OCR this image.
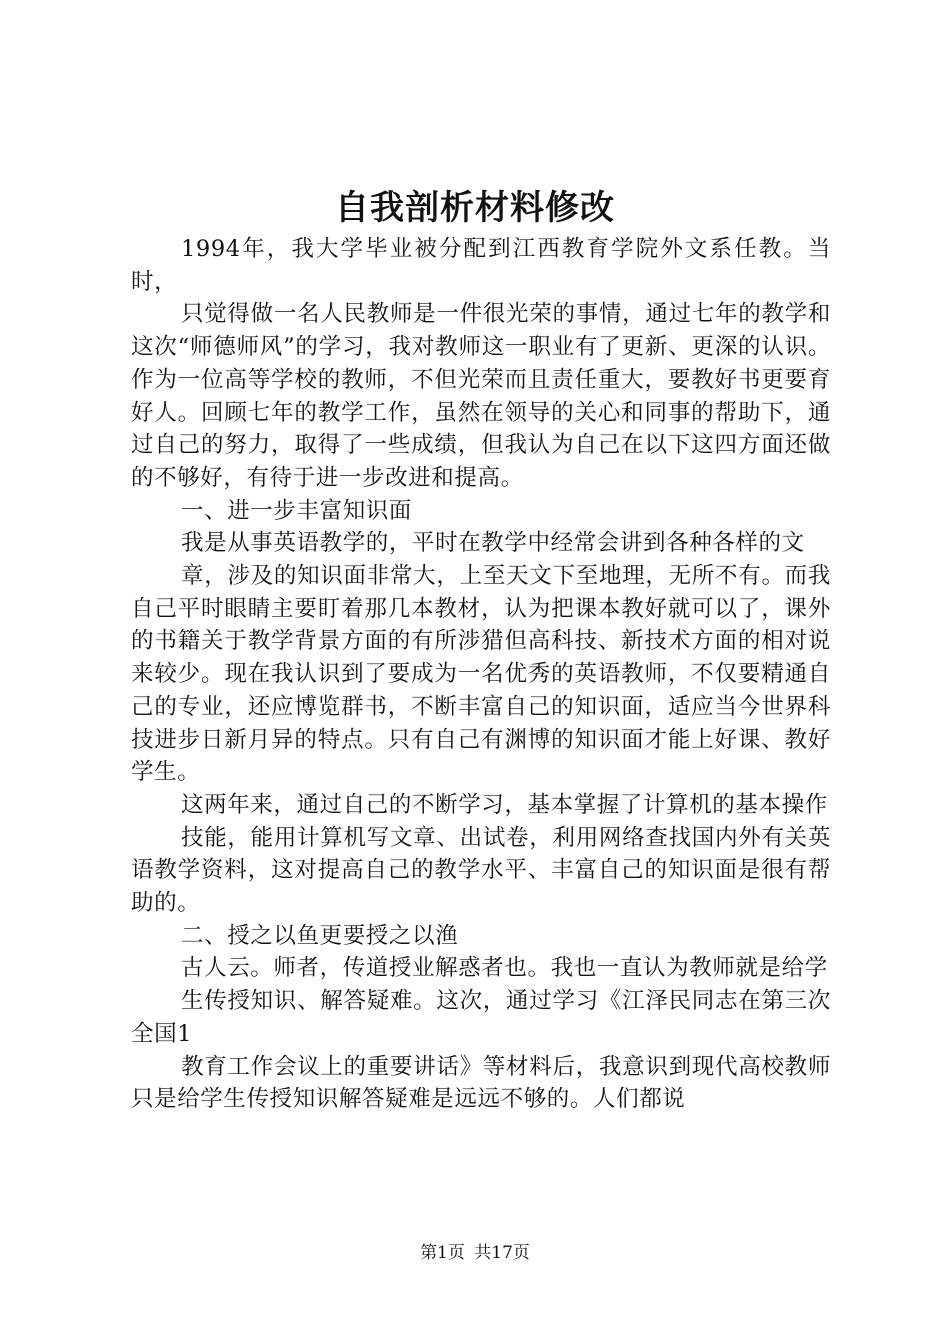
自我剖析材料修改

1994年，我大学毕业被分配到江西教育学院外文系任教。当时，

只觉得做一名人民教师是一件很光荣的事情，通过七年的教学和这次“师德师风”的学习，我对教师这一职业有了更新、更深的认识。作为一位高等学校的教师，不但光荣而且责任重大，要教好书更要育好人。回顾七年的教学工作，虽然在领导的关心和同事的帮助下，通过自己的努力，取得了一些成绩，但我认为自己在以下这四方面还做的不够好，有待于进一步改进和提高。

一、进一步丰富知识面

我是从事英语教学的，平时在教学中经常会讲到各种各样的文

章，涉及的知识面非常大，上至天文下至地理，无所不有。而我自己平时眼睛主要盯着那几本教材，认为把课本教好就可以了，课外的书籍关于教学背景方面的有所涉猎但高科技、新技术方面的相对说来较少。现在我认识到了要成为一名优秀的英语教师，不仅要精通自己的专业，还应博览群书，不断丰富自己的知识面，适应当今世界科技进步日新月异的特点。只有自己有渊博的知识面才能上好课、教好学生。

这两年来，通过自己的不断学习，基本掌握了计算机的基本操作

技能，能用计算机写文章、出试卷，利用网络查找国内外有关英语教学资料，这对提高自己的教学水平、丰富自己的知识面是很有帮助的。

二、授之以鱼更要授之以渔

古人云。师者，传道授业解惑者也。我也一直认为教师就是给学

生传授知识、解答疑难。这次，通过学习《江泽民同志在第三次全国1

教育工作会议上的重要讲话》等材料后，我意识到现代高校教师只是给学生传授知识解答疑难是远远不够的。人们都说

第1页 共17页
